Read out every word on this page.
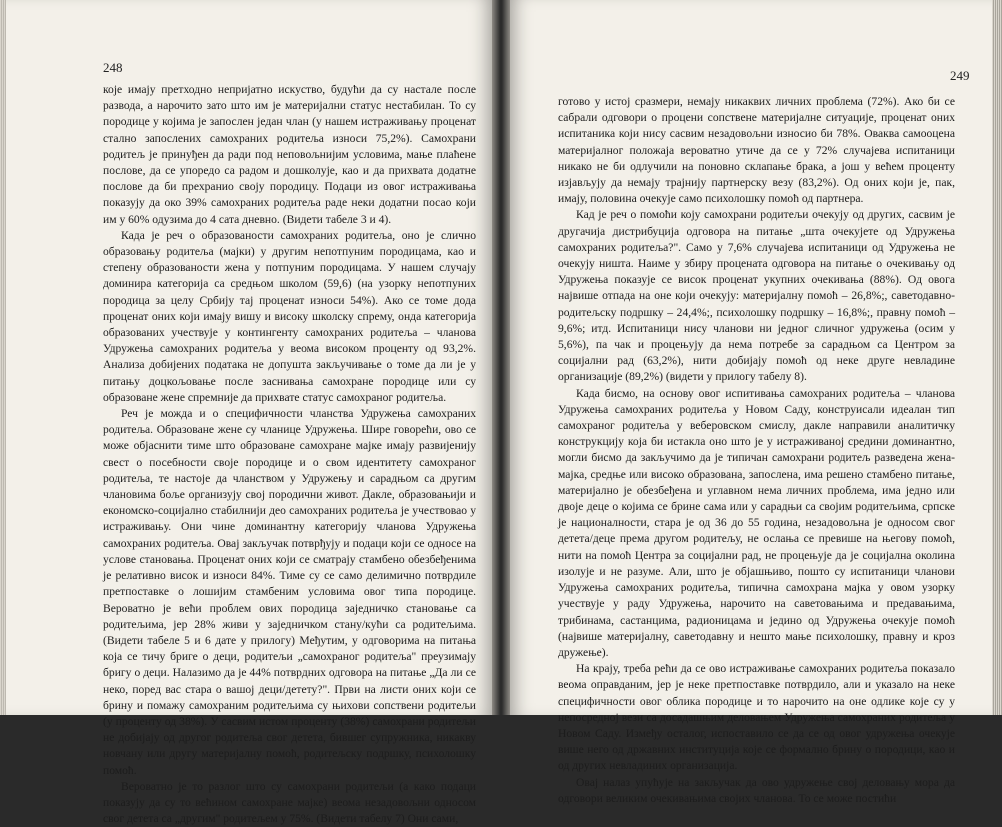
248

које имају претходно непријатно искуство, будући да су настале после развода, а нарочито зато што им је материјални статус нестабилан. То су породице у којима је запослен један члан (у нашем истраживању проценат стално запослених самохраних родитеља износи 75,2%). Самохрани родитељ је принуђен да ради под неповољнијим условима, мање плаћене послове, да се упоредо са радом и дошколује, као и да прихвата додатне послове да би прехранио своју породицу. Подаци из овог истраживања показују да око 39% самохраних родитеља раде неки додатни посао који им у 60% одузима до 4 сата дневно. (Видети табеле 3 и 4).

Када је реч о образованости самохраних родитеља, оно је слично образовању родитеља (мајки) у другим непотпуним породицама, као и степену образованости жена у потпуним породицама. У нашем случају доминира категорија са средњом школом (59,6) (на узорку непотпуних породица за целу Србију тај проценат износи 54%). Ако се томе дода проценат оних који имају вишу и високу школску спрему, онда категорија образованих учествује у контингенту самохраних родитеља – чланова Удружења самохраних родитеља у веома високом проценту од 93,2%. Анализа добијених података не допушта закључивање о томе да ли је у питању доцкољовање после заснивања самохране породице или су образоване жене спремније да прихвате статус самохраног родитеља.

Реч је можда и о специфичности чланства Удружења самохраних родитеља. Образоване жене су чланице Удружења. Шире говорећи, ово се може објаснити тиме што образоване самохране мајке имају развијенију свест о посебности своје породице и о свом идентитету самохраног родитеља, те настоје да чланством у Удружењу и сарадњом са другим члановима боље организују свој породични живот. Дакле, образовањији и економско-социјално стабилнији део самохраних родитеља је учествовао у истраживању. Они чине доминантну категорију чланова Удружења самохраних родитеља. Овај закључак потврђују и подаци који се односе на услове становања. Проценат оних који се сматрају стамбено обезбеђенима је релативно висок и износи 84%. Тиме су се само делимично потврдиле претпоставке о лошијим стамбеним условима овог типа породице. Вероватно је већи проблем ових породица заједничко становање са родитељима, јер 28% живи у заједничком стану/кући са родитељима. (Видети табеле 5 и 6 дате у прилогу) Међутим, у одговорима на питања која се тичу бриге о деци, родитељи „самохраног родитеља" преузимају бригу о деци. Налазимо да је 44% потврдних одговора на питање „Да ли се неко, поред вас стара о вашој деци/детету?". Први на листи оних који се брину и помажу самохраним родитељима су њихови сопствени родитељи (у проценту од 38%). У сасвим истом проценту (38%) самохрани родитељи не добијају од другог родитеља свог детета, бившег супружника, никакву новчану или другу материјалну помоћ, родитељску подршку, психолошку помоћ.

Вероватно је то разлог што су самохрани родитељи (а како подаци показују да су то већином самохране мајке) веома незадовољни односом свог детета са „другим" родитељем у 75%. (Видети табелу 7) Они сами,

249

готово у истој сразмери, немају никаквих личних проблема (72%). Ако би се сабрали одговори о процени сопствене материјалне ситуације, проценат оних испитаника који нису сасвим незадовољни износио би 78%. Оваква самооцена материјалног положаја вероватно утиче да се у 72% случајева испитаници никако не би одлучили на поновно склапање брака, а још у већем проценту изјављују да немају трајнију партнерску везу (83,2%). Од оних који је, пак, имају, половина очекује само психолошку помоћ од партнера.

Кад је реч о помоћи коју самохрани родитељи очекују од других, сасвим је другачија дистрибуција одговора на питање „шта очекујете од Удружења самохраних родитеља?". Само у 7,6% случајева испитаници од Удружења не очекују ништа. Наиме у збиру процената одговора на питање о очекивању од Удружења показује се висок проценат укупних очекивања (88%). Од овога највише отпада на оне који очекују: материјалну помоћ – 26,8%;, саветодавно-родитељску подршку – 24,4%;, психолошку подршку – 16,8%;, правну помоћ – 9,6%; итд. Испитаници нису чланови ни једног сличног удружења (осим у 5,6%), па чак и процењују да нема потребе за сарадњом са Центром за социјални рад (63,2%), нити добијају помоћ од неке друге невладине организације (89,2%) (видети у прилогу табелу 8).

Када бисмо, на основу овог испитивања самохраних родитеља – чланова Удружења самохраних родитеља у Новом Саду, конструисали идеалан тип самохраног родитеља у веберовском смислу, дакле направили аналитичку конструкцију која би истакла оно што је у истраживаној средини доминантно, могли бисмо да закључимо да је типичан самохрани родитељ разведена жена-мајка, средње или високо образована, запослена, има решено стамбено питање, материјално је обезбеђена и углавном нема личних проблема, има једно или двоје деце о којима се брине сама или у сарадњи са својим родитељима, српске је националности, стара је од 36 до 55 година, незадовољна је односом свог детета/деце према другом родитељу, не ослања се превише на његову помоћ, нити на помоћ Центра за социјални рад, не процењује да је социјална околина изолује и не разуме. Али, што је објашњиво, пошто су испитаници чланови Удружења самохраних родитеља, типична самохрана мајка у овом узорку учествује у раду Удружења, нарочито на саветовањима и предавањима, трибинама, састанцима, радионицама и једино од Удружења очекује помоћ (највише материјалну, саветодавну и нешто мање психолошку, правну и кроз дружење).

На крају, треба рећи да се ово истраживање самохраних родитеља показало веома оправданим, јер је неке претпоставке потврдило, али и указало на неке специфичности овог облика породице и то нарочито на оне одлике које су у непосредној вези са досадашњим деловањем Удружења самохраних родитеља у Новом Саду. Између осталог, испоставило се да се од овог удружења очекује више него од државних институција које се формално брину о породици, као и од других невладиних организација.

Овај налаз упућује на закључак да ово удружење свој деловању мора да одговори великим очекивањима својих чланова. То се може постићи
